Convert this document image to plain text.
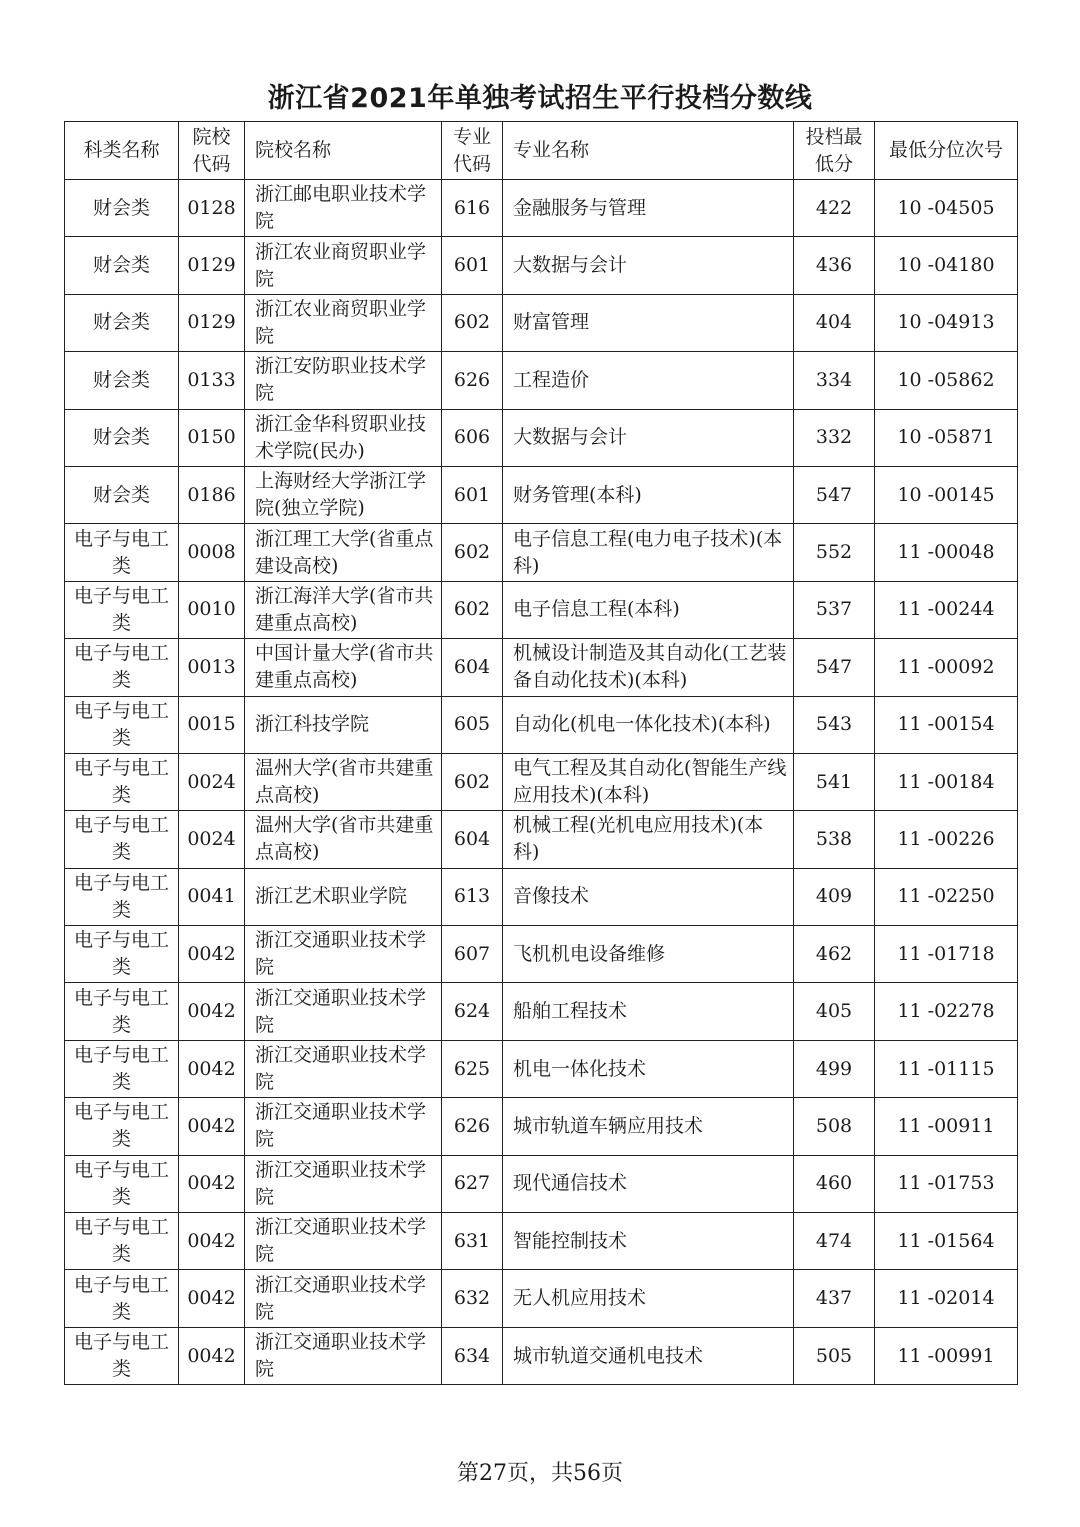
浙江省2021年单独考试招生平行投档分数线
科类名称	院校代码	院校名称	专业代码	专业名称	投档最低分	最低分位次号
财会类	0128	浙江邮电职业技术学院	616	金融服务与管理	422	10 -04505
财会类	0129	浙江农业商贸职业学院	601	大数据与会计	436	10 -04180
财会类	0129	浙江农业商贸职业学院	602	财富管理	404	10 -04913
财会类	0133	浙江安防职业技术学院	626	工程造价	334	10 -05862
财会类	0150	浙江金华科贸职业技术学院(民办)	606	大数据与会计	332	10 -05871
财会类	0186	上海财经大学浙江学院(独立学院)	601	财务管理(本科)	547	10 -00145
电子与电工类	0008	浙江理工大学(省重点建设高校)	602	电子信息工程(电力电子技术)(本科)	552	11 -00048
电子与电工类	0010	浙江海洋大学(省市共建重点高校)	602	电子信息工程(本科)	537	11 -00244
电子与电工类	0013	中国计量大学(省市共建重点高校)	604	机械设计制造及其自动化(工艺装备自动化技术)(本科)	547	11 -00092
电子与电工类	0015	浙江科技学院	605	自动化(机电一体化技术)(本科)	543	11 -00154
电子与电工类	0024	温州大学(省市共建重点高校)	602	电气工程及其自动化(智能生产线应用技术)(本科)	541	11 -00184
电子与电工类	0024	温州大学(省市共建重点高校)	604	机械工程(光机电应用技术)(本科)	538	11 -00226
电子与电工类	0041	浙江艺术职业学院	613	音像技术	409	11 -02250
电子与电工类	0042	浙江交通职业技术学院	607	飞机机电设备维修	462	11 -01718
电子与电工类	0042	浙江交通职业技术学院	624	船舶工程技术	405	11 -02278
电子与电工类	0042	浙江交通职业技术学院	625	机电一体化技术	499	11 -01115
电子与电工类	0042	浙江交通职业技术学院	626	城市轨道车辆应用技术	508	11 -00911
电子与电工类	0042	浙江交通职业技术学院	627	现代通信技术	460	11 -01753
电子与电工类	0042	浙江交通职业技术学院	631	智能控制技术	474	11 -01564
电子与电工类	0042	浙江交通职业技术学院	632	无人机应用技术	437	11 -02014
电子与电工类	0042	浙江交通职业技术学院	634	城市轨道交通机电技术	505	11 -00991
第27页，共56页
